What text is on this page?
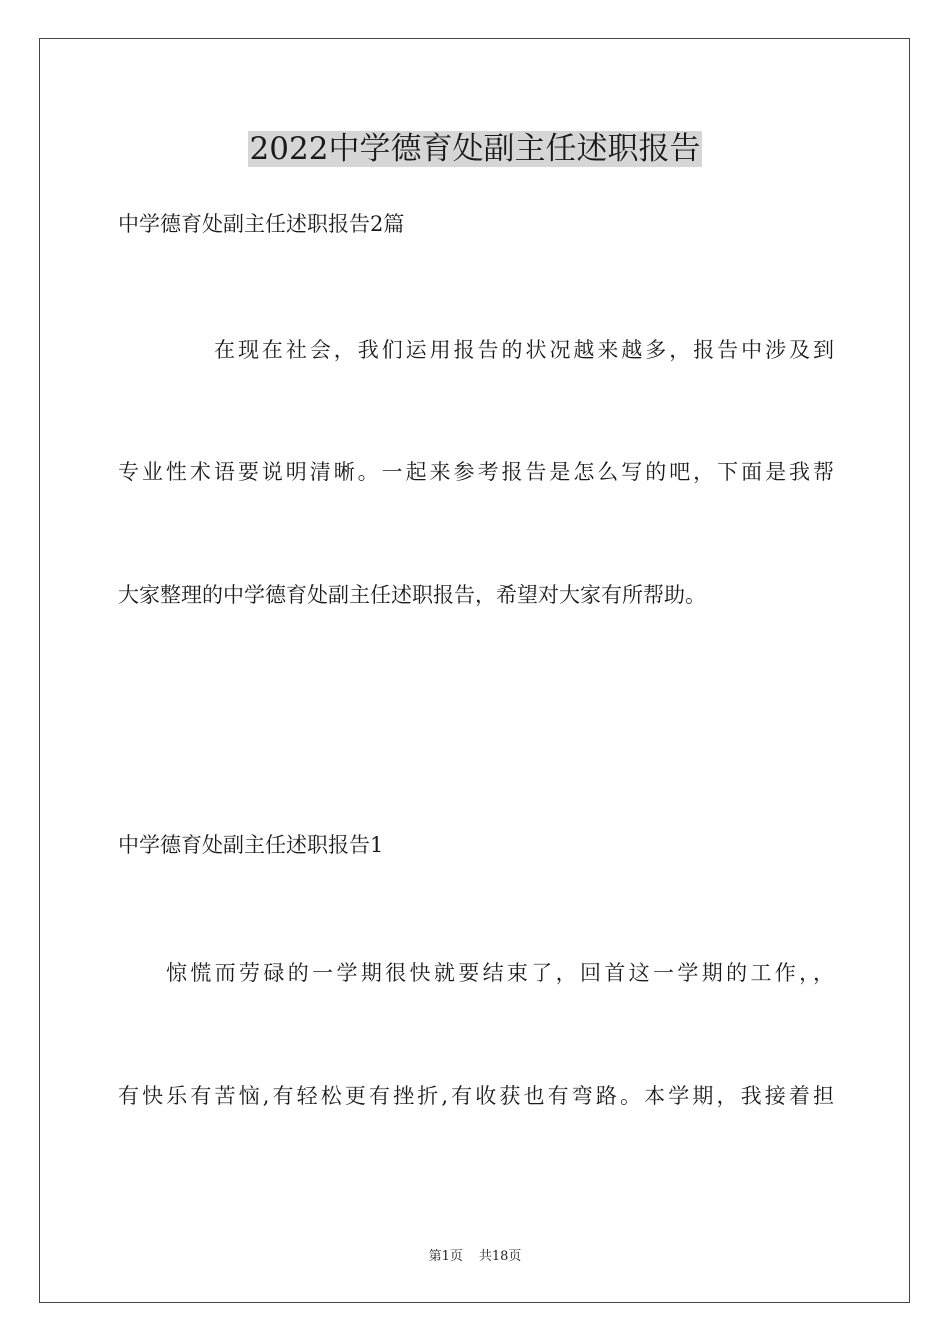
2022中学德育处副主任述职报告

中学德育处副主任述职报告2篇

在现在社会，我们运用报告的状况越来越多，报告中涉及到

专业性术语要说明清晰。一起来参考报告是怎么写的吧，下面是我帮

大家整理的中学德育处副主任述职报告，希望对大家有所帮助。

中学德育处副主任述职报告1

惊慌而劳碌的一学期很快就要结束了，回首这一学期的工作，，

有快乐有苦恼,有轻松更有挫折,有收获也有弯路。本学期，我接着担

第1页 共18页
